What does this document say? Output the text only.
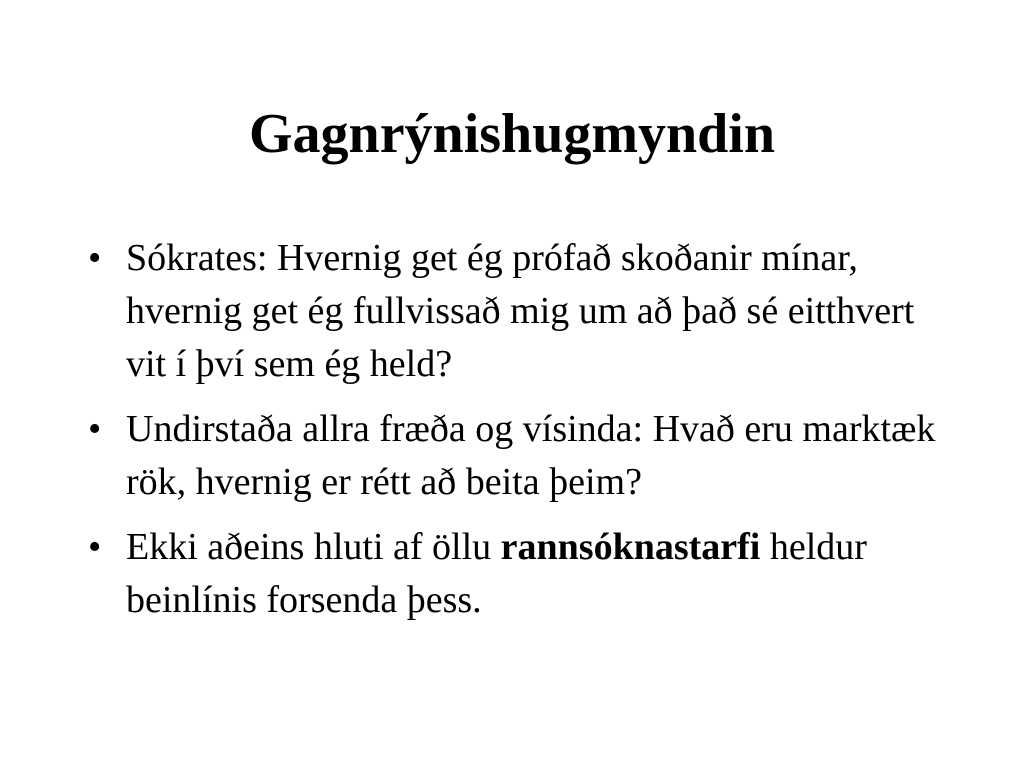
Gagnrýnishugmyndin
• Sókrates: Hvernig get ég prófað skoðanir mínar, hvernig get ég fullvissað mig um að það sé eitthvert vit í því sem ég held?
• Undirstaða allra fræða og vísinda: Hvað eru marktæk rök, hvernig er rétt að beita þeim?
• Ekki aðeins hluti af öllu rannsóknastarfi heldur beinlínis forsenda þess.
